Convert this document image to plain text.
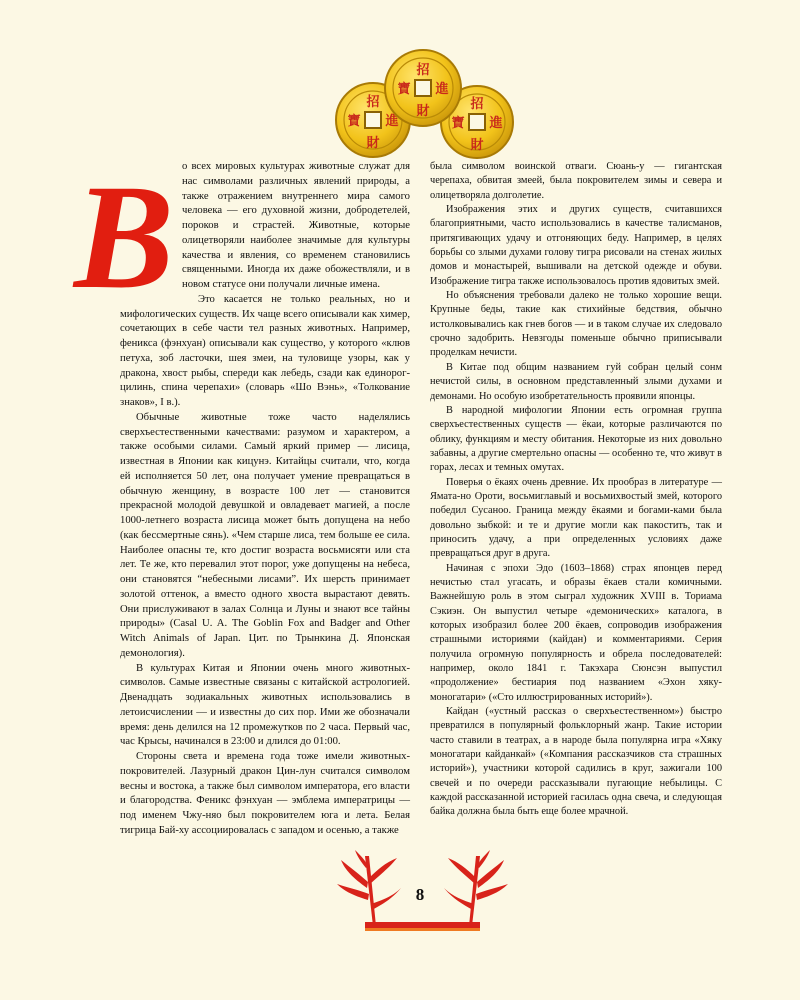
招
財
寶 進
招
財
寶 進
招
財
寶 進
В о всех мировых культурах животные служат для нас символами различных явлений природы, а также отражением внутреннего мира самого человека — его духовной жизни, добродетелей, пороков и страстей. Животные, которые олицетворяли наиболее значимые для культуры качества и явления, со временем становились священными. Иногда их даже обожествляли, и в новом статусе они получали личные имена.

Это касается не только реальных, но и мифологических существ. Их чаще всего описывали как химер, сочетающих в себе части тел разных животных. Например, феникса (фэнхуан) описывали как существо, у которого «клюв петуха, зоб ласточки, шея змеи, на туловище узоры, как у дракона, хвост рыбы, спереди как лебедь, сзади как единорог-цилинь, спина черепахи» (словарь «Шо Вэнь», «Толкование знаков», I в.).

Обычные животные тоже часто наделялись сверхъестественными качествами: разумом и характером, а также особыми силами. Самый яркий пример — лисица, известная в Японии как кицунэ. Китайцы считали, что, когда ей исполняется 50 лет, она получает умение превращаться в обычную женщину, в возрасте 100 лет — становится прекрасной молодой девушкой и овладевает магией, а после 1000-летнего возраста лисица может быть допущена на небо (как бессмертные сянь). «Чем старше лиса, тем больше ее сила. Наиболее опасны те, кто достиг возраста восьмисяти или ста лет. Те же, кто перевалил этот порог, уже допущены на небеса, они становятся “небесными лисами”. Их шерсть принимает золотой оттенок, а вместо одного хвоста вырастают девять. Они прислуживают в залах Солнца и Луны и знают все тайны природы» (Casal U. A. The Goblin Fox and Badger and Other Witch Animals of Japan. Цит. по Трынкина Д. Японская демонология).

В культурах Китая и Японии очень много животных-символов. Самые известные связаны с китайской астрологией. Двенадцать зодиакальных животных использовались в летоисчислении — и известны до сих пор. Ими же обозначали время: день делился на 12 промежутков по 2 часа. Первый час, час Крысы, начинался в 23:00 и длился до 01:00.

Стороны света и времена года тоже имели животных-покровителей. Лазурный дракон Цин-лун считался символом весны и востока, а также был символом императора, его власти и благородства. Феникс фэнхуан — эмблема императрицы — под именем Чжу-няо был покровителем юга и лета. Белая тигрица Бай-ху ассоциировалась с западом и осенью, а также

была символом воинской отваги. Сюань-у — гигантская черепаха, обвитая змеей, была покровителем зимы и севера и олицетворяла долголетие.

Изображения этих и других существ, считавшихся благоприятными, часто использовались в качестве талисманов, притягивающих удачу и отгоняющих беду. Например, в целях борьбы со злыми духами голову тигра рисовали на стенах жилых домов и монастырей, вышивали на детской одежде и обуви. Изображение тигра также использовалось против ядовитых змей.

Но объяснения требовали далеко не только хорошие вещи. Крупные беды, такие как стихийные бедствия, обычно истолковывались как гнев богов — и в таком случае их следовало срочно задобрить. Невзгоды поменьше обычно приписывали проделкам нечисти.

В Китае под общим названием гуй собран целый сонм нечистой силы, в основном представленный злыми духами и демонами. Но особую изобретательность проявили японцы.

В народной мифологии Японии есть огромная группа сверхъестественных существ — ёкаи, которые различаются по облику, функциям и месту обитания. Некоторые из них довольно забавны, а другие смертельно опасны — особенно те, что живут в горах, лесах и темных омутах.

Поверья о ёкаях очень древние. Их прообраз в литературе — Ямата-но Ороти, восьмиглавый и восьмихвостый змей, которого победил Сусаноо. Граница между ёкаями и богами-ками была довольно зыбкой: и те и другие могли как пакостить, так и приносить удачу, а при определенных условиях даже превращаться друг в друга.

Начиная с эпохи Эдо (1603–1868) страх японцев перед нечистью стал угасать, и образы ёкаев стали комичными. Важнейшую роль в этом сыграл художник XVIII в. Ториама Сэкиэн. Он выпустил четыре «демонических» каталога, в которых изобразил более 200 ёкаев, сопроводив изображения страшными историями (кайдан) и комментариями. Серия получила огромную популярность и обрела последователей: например, около 1841 г. Такэхара Сюнсэн выпустил «продолжение» бестиария под названием «Эхон хяку-моногатари» («Сто иллюстрированных историй»).

Кайдан («устный рассказ о сверхъестественном») быстро превратился в популярный фольклорный жанр. Такие истории часто ставили в театрах, а в народе была популярна игра «Хяку моногатари кайданкай» («Компания рассказчиков ста страшных историй»), участники которой садились в круг, зажигали 100 свечей и по очереди рассказывали пугающие небылицы. С каждой рассказанной историей гасилась одна свеча, и следующая байка должна была быть еще более мрачной.

8
